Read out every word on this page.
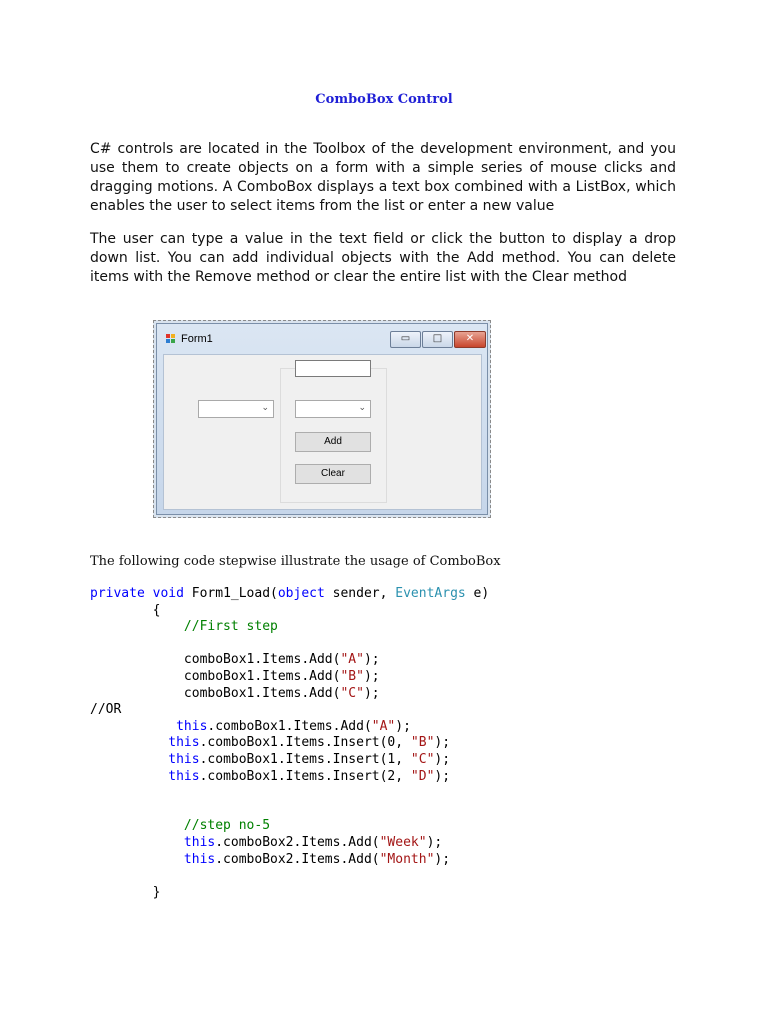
ComboBox Control
C# controls are located in the Toolbox of the development environment, and you use them to create objects on a form with a simple series of mouse clicks and dragging motions. A ComboBox displays a text box combined with a ListBox, which enables the user to select items from the list or enter a new value
The user can type a value in the text field or click the button to display a drop down list. You can add individual objects with the Add method. You can delete items with the Remove method or clear the entire list with the Clear method
Form1	▭	□	✕
⌄	⌄
Add
Clear
The following code stepwise illustrate the usage of ComboBox
private void Form1_Load(object sender, EventArgs e)
{
//First step
comboBox1.Items.Add("A");
comboBox1.Items.Add("B");
comboBox1.Items.Add("C");
//OR
this.comboBox1.Items.Add("A");
this.comboBox1.Items.Insert(0, "B");
this.comboBox1.Items.Insert(1, "C");
this.comboBox1.Items.Insert(2, "D");
//step no-5
this.comboBox2.Items.Add("Week");
this.comboBox2.Items.Add("Month");
}
